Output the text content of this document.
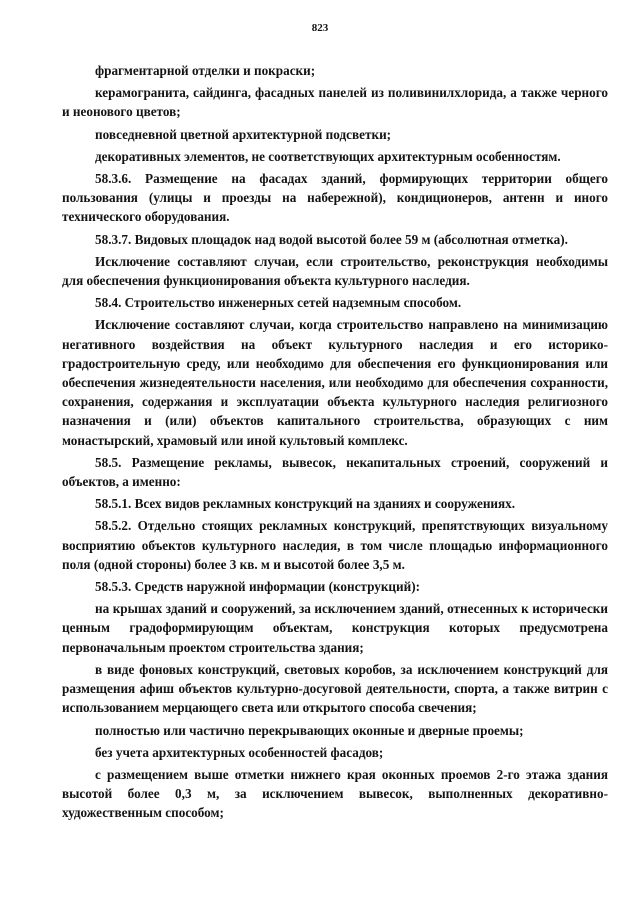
823

фрагментарной отделки и покраски;

керамогранита, сайдинга, фасадных панелей из поливинилхлорида, а также черного и неонового цветов;

повседневной цветной архитектурной подсветки;

декоративных элементов, не соответствующих архитектурным особенностям.

58.3.6. Размещение на фасадах зданий, формирующих территории общего пользования (улицы и проезды на набережной), кондиционеров, антенн и иного технического оборудования.

58.3.7. Видовых площадок над водой высотой более 59 м (абсолютная отметка).

Исключение составляют случаи, если строительство, реконструкция необходимы для обеспечения функционирования объекта культурного наследия.

58.4. Строительство инженерных сетей надземным способом.

Исключение составляют случаи, когда строительство направлено на минимизацию негативного воздействия на объект культурного наследия и его историко-градостроительную среду, или необходимо для обеспечения его функционирования или обеспечения жизнедеятельности населения, или необходимо для обеспечения сохранности, сохранения, содержания и эксплуатации объекта культурного наследия религиозного назначения и (или) объектов капитального строительства, образующих с ним монастырский, храмовый или иной культовый комплекс.

58.5. Размещение рекламы, вывесок, некапитальных строений, сооружений и объектов, а именно:

58.5.1. Всех видов рекламных конструкций на зданиях и сооружениях.

58.5.2. Отдельно стоящих рекламных конструкций, препятствующих визуальному восприятию объектов культурного наследия, в том числе площадью информационного поля (одной стороны) более 3 кв. м и высотой более 3,5 м.

58.5.3. Средств наружной информации (конструкций):

на крышах зданий и сооружений, за исключением зданий, отнесенных к исторически ценным градоформирующим объектам, конструкция которых предусмотрена первоначальным проектом строительства здания;

в виде фоновых конструкций, световых коробов, за исключением конструкций для размещения афиш объектов культурно-досуговой деятельности, спорта, а также витрин с использованием мерцающего света или открытого способа свечения;

полностью или частично перекрывающих оконные и дверные проемы;

без учета архитектурных особенностей фасадов;

с размещением выше отметки нижнего края оконных проемов 2-го этажа здания высотой более 0,3 м, за исключением вывесок, выполненных декоративно-художественным способом;
